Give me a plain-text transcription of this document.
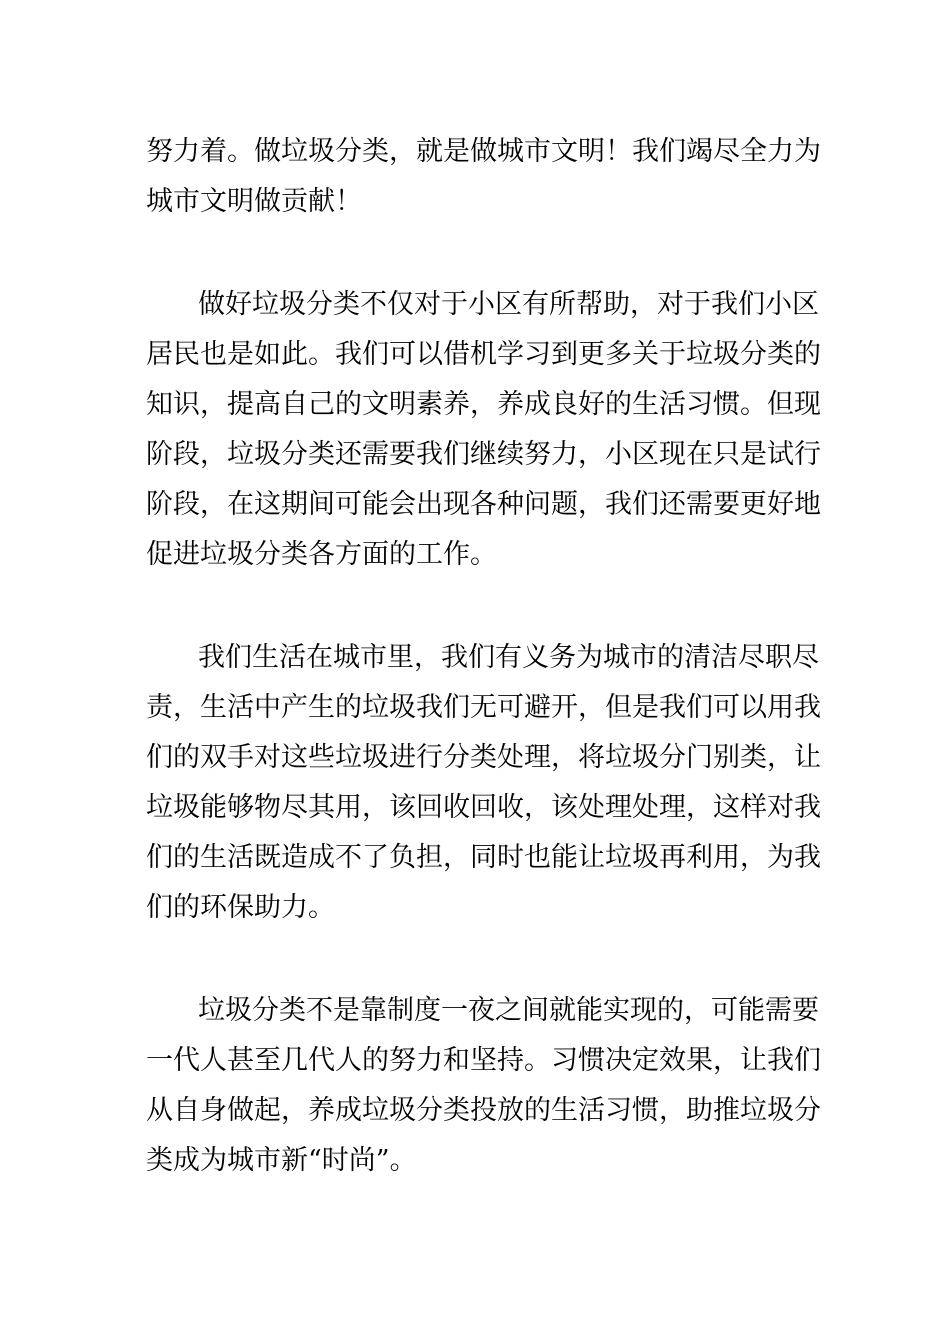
努力着。做垃圾分类，就是做城市文明！我们竭尽全力为
城市文明做贡献！

做好垃圾分类不仅对于小区有所帮助，对于我们小区
居民也是如此。我们可以借机学习到更多关于垃圾分类的
知识，提高自己的文明素养，养成良好的生活习惯。但现
阶段，垃圾分类还需要我们继续努力，小区现在只是试行
阶段，在这期间可能会出现各种问题，我们还需要更好地
促进垃圾分类各方面的工作。

我们生活在城市里，我们有义务为城市的清洁尽职尽
责，生活中产生的垃圾我们无可避开，但是我们可以用我
们的双手对这些垃圾进行分类处理，将垃圾分门别类，让
垃圾能够物尽其用，该回收回收，该处理处理，这样对我
们的生活既造成不了负担，同时也能让垃圾再利用，为我
们的环保助力。

垃圾分类不是靠制度一夜之间就能实现的，可能需要
一代人甚至几代人的努力和坚持。习惯决定效果，让我们
从自身做起，养成垃圾分类投放的生活习惯，助推垃圾分
类成为城市新“时尚”。
